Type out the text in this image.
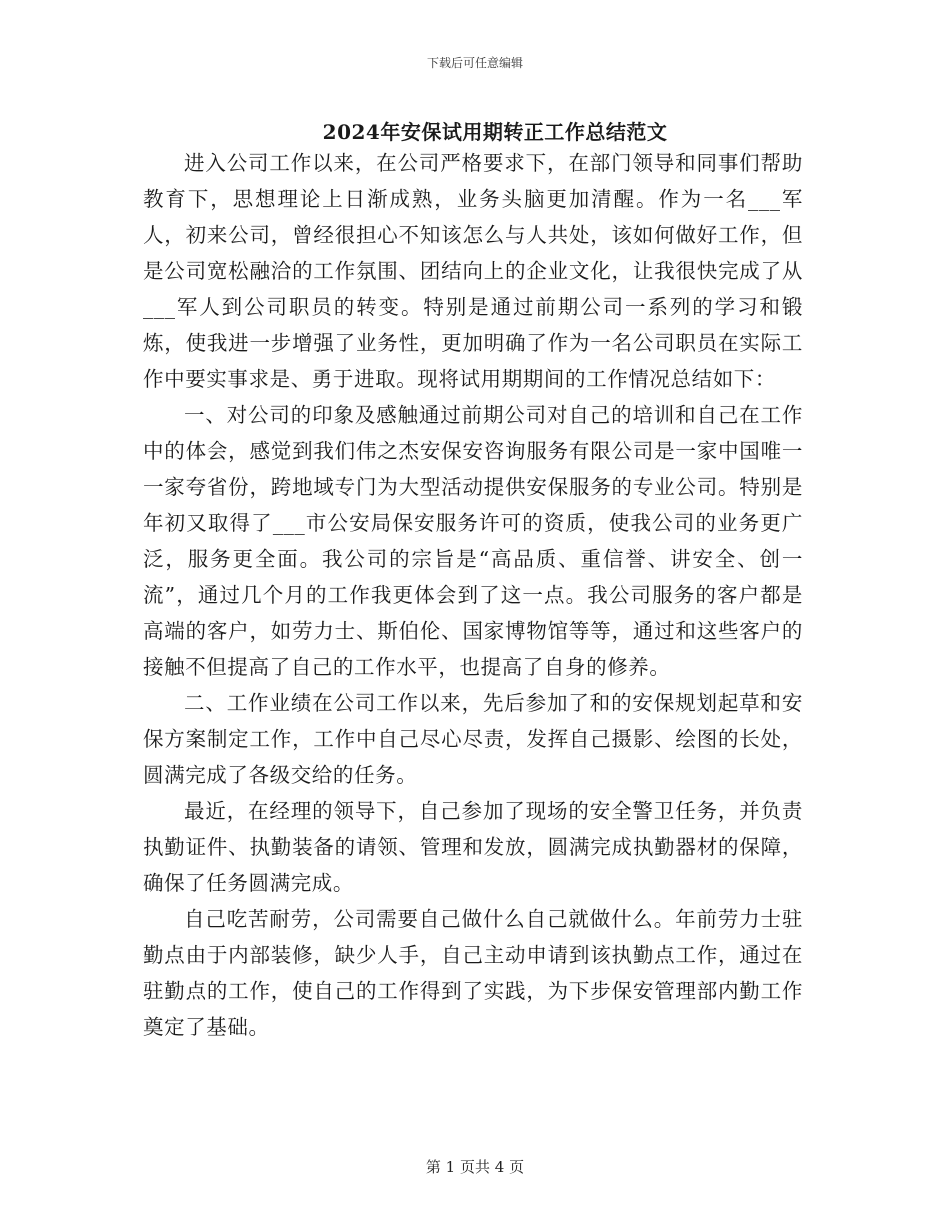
下载后可任意编辑
2024年安保试用期转正工作总结范文

进入公司工作以来，在公司严格要求下，在部门领导和同事们帮助教育下，思想理论上日渐成熟，业务头脑更加清醒。作为一名___军人，初来公司，曾经很担心不知该怎么与人共处，该如何做好工作，但是公司宽松融洽的工作氛围、团结向上的企业文化，让我很快完成了从___军人到公司职员的转变。特别是通过前期公司一系列的学习和锻炼，使我进一步增强了业务性，更加明确了作为一名公司职员在实际工作中要实事求是、勇于进取。现将试用期期间的工作情况总结如下：

一、对公司的印象及感触通过前期公司对自己的培训和自己在工作中的体会，感觉到我们伟之杰安保安咨询服务有限公司是一家中国唯一一家夸省份，跨地域专门为大型活动提供安保服务的专业公司。特别是年初又取得了___市公安局保安服务许可的资质，使我公司的业务更广泛，服务更全面。我公司的宗旨是“高品质、重信誉、讲安全、创一流”，通过几个月的工作我更体会到了这一点。我公司服务的客户都是高端的客户，如劳力士、斯伯伦、国家博物馆等等，通过和这些客户的接触不但提高了自己的工作水平，也提高了自身的修养。

二、工作业绩在公司工作以来，先后参加了和的安保规划起草和安保方案制定工作，工作中自己尽心尽责，发挥自己摄影、绘图的长处，圆满完成了各级交给的任务。

最近，在经理的领导下，自己参加了现场的安全警卫任务，并负责执勤证件、执勤装备的请领、管理和发放，圆满完成执勤器材的保障，确保了任务圆满完成。

自己吃苦耐劳，公司需要自己做什么自己就做什么。年前劳力士驻勤点由于内部装修，缺少人手，自己主动申请到该执勤点工作，通过在驻勤点的工作，使自己的工作得到了实践，为下步保安管理部内勤工作奠定了基础。

第 1 页共 4 页
